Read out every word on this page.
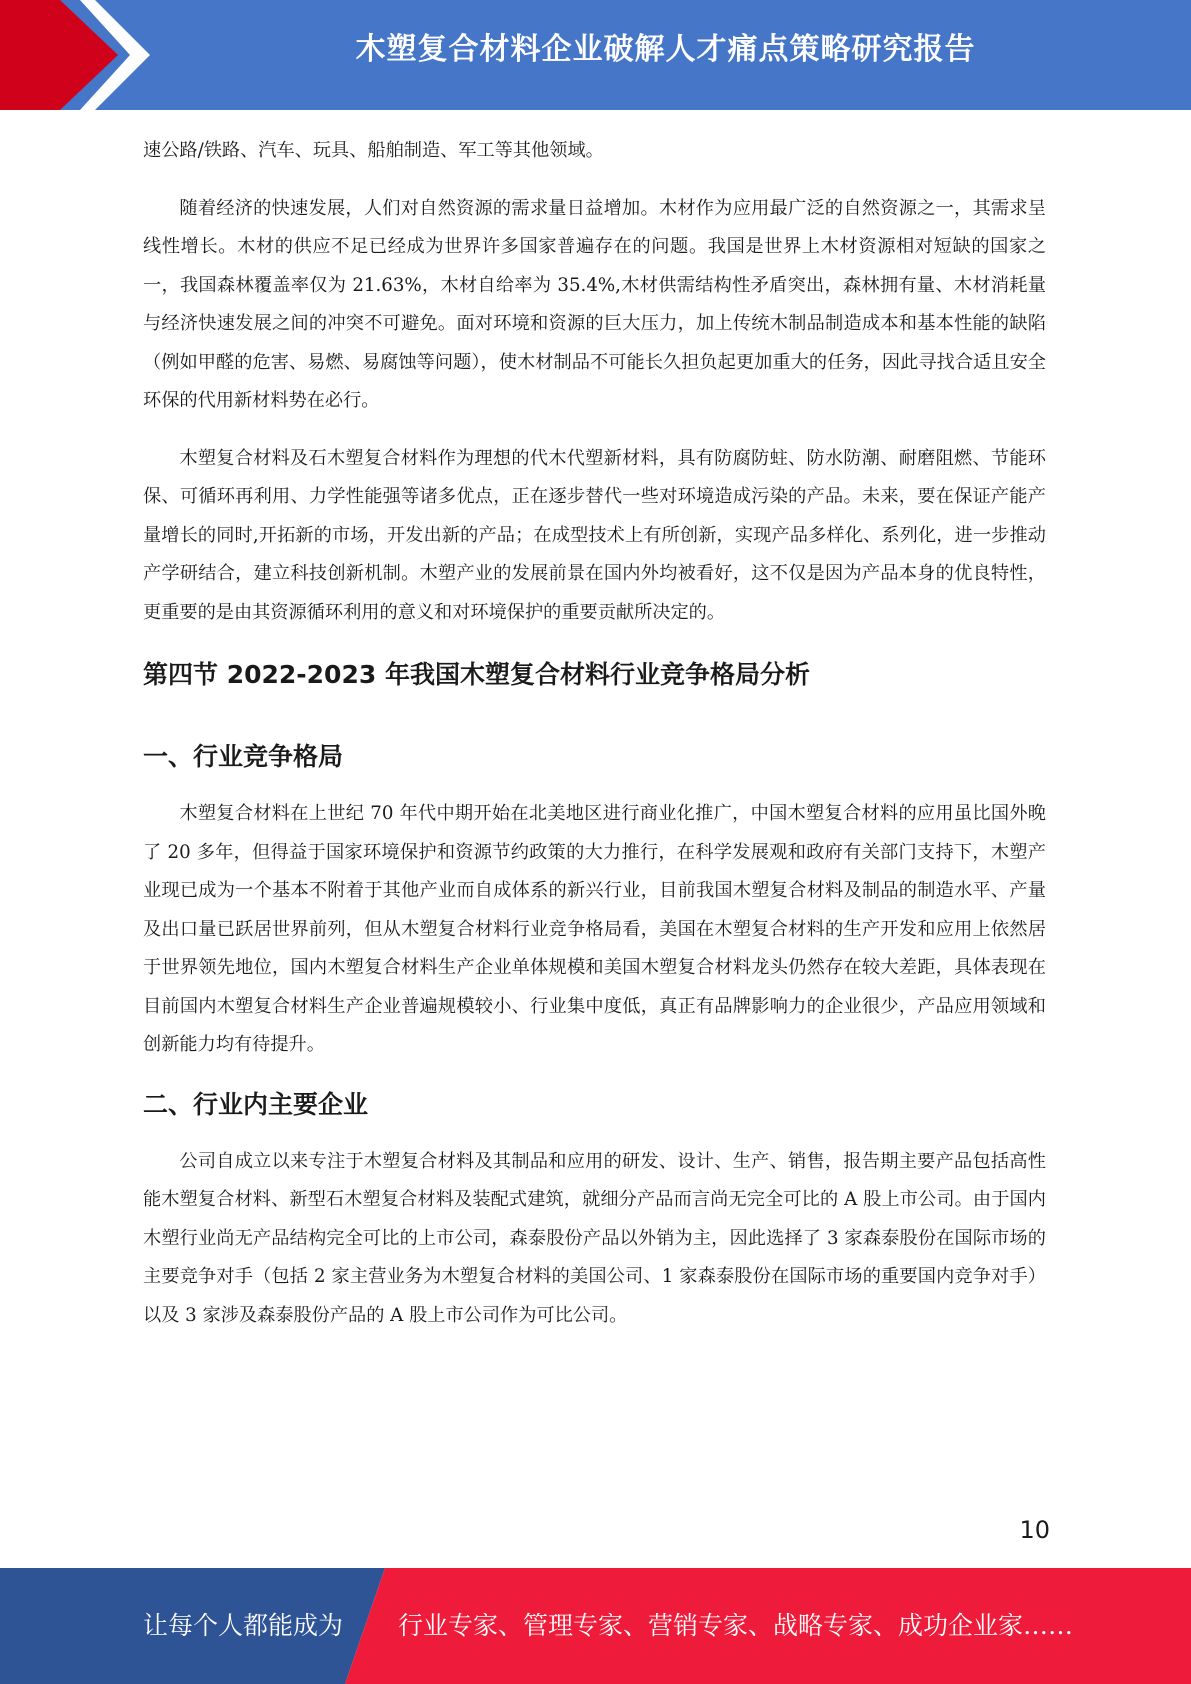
木塑复合材料企业破解人才痛点策略研究报告

速公路/铁路、汽车、玩具、船舶制造、军工等其他领域。

随着经济的快速发展，人们对自然资源的需求量日益增加。木材作为应用最广泛的自然资源之一，其需求呈线性增长。木材的供应不足已经成为世界许多国家普遍存在的问题。我国是世界上木材资源相对短缺的国家之一，我国森林覆盖率仅为 21.63%，木材自给率为 35.4%,木材供需结构性矛盾突出，森林拥有量、木材消耗量与经济快速发展之间的冲突不可避免。面对环境和资源的巨大压力，加上传统木制品制造成本和基本性能的缺陷（例如甲醛的危害、易燃、易腐蚀等问题），使木材制品不可能长久担负起更加重大的任务，因此寻找合适且安全环保的代用新材料势在必行。

木塑复合材料及石木塑复合材料作为理想的代木代塑新材料，具有防腐防蛀、防水防潮、耐磨阻燃、节能环保、可循环再利用、力学性能强等诸多优点，正在逐步替代一些对环境造成污染的产品。未来，要在保证产能产量增长的同时,开拓新的市场，开发出新的产品；在成型技术上有所创新，实现产品多样化、系列化，进一步推动产学研结合，建立科技创新机制。木塑产业的发展前景在国内外均被看好，这不仅是因为产品本身的优良特性，更重要的是由其资源循环利用的意义和对环境保护的重要贡献所决定的。

第四节 2022-2023 年我国木塑复合材料行业竞争格局分析
一、行业竞争格局

木塑复合材料在上世纪 70 年代中期开始在北美地区进行商业化推广，中国木塑复合材料的应用虽比国外晚了 20 多年，但得益于国家环境保护和资源节约政策的大力推行，在科学发展观和政府有关部门支持下，木塑产业现已成为一个基本不附着于其他产业而自成体系的新兴行业，目前我国木塑复合材料及制品的制造水平、产量及出口量已跃居世界前列，但从木塑复合材料行业竞争格局看，美国在木塑复合材料的生产开发和应用上依然居于世界领先地位，国内木塑复合材料生产企业单体规模和美国木塑复合材料龙头仍然存在较大差距，具体表现在目前国内木塑复合材料生产企业普遍规模较小、行业集中度低，真正有品牌影响力的企业很少，产品应用领域和创新能力均有待提升。

二、行业内主要企业

公司自成立以来专注于木塑复合材料及其制品和应用的研发、设计、生产、销售，报告期主要产品包括高性能木塑复合材料、新型石木塑复合材料及装配式建筑，就细分产品而言尚无完全可比的 A 股上市公司。由于国内木塑行业尚无产品结构完全可比的上市公司，森泰股份产品以外销为主，因此选择了 3 家森泰股份在国际市场的主要竞争对手（包括 2 家主营业务为木塑复合材料的美国公司、1 家森泰股份在国际市场的重要国内竞争对手）以及 3 家涉及森泰股份产品的 A 股上市公司作为可比公司。

10
让每个人都能成为 行业专家、管理专家、营销专家、战略专家、成功企业家……
